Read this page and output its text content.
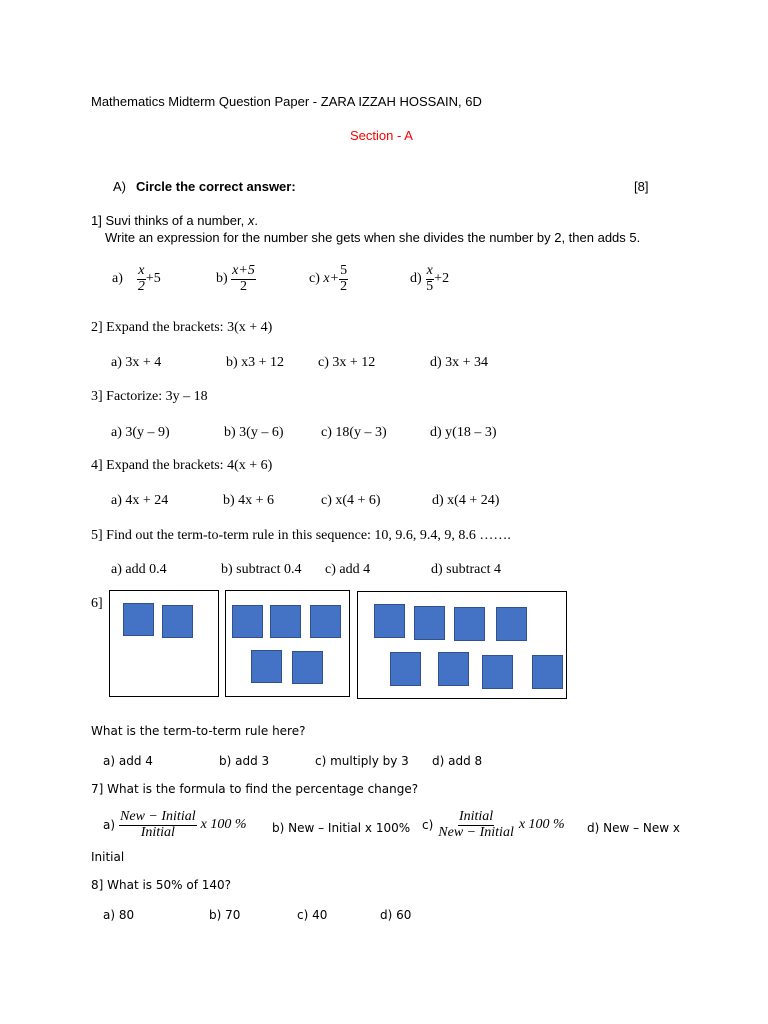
Mathematics Midterm Question Paper - ZARA IZZAH HOSSAIN, 6D
Section - A
A) Circle the correct answer:	[8]
1] Suvi thinks of a number, x.
Write an expression for the number she gets when she divides the number by 2, then adds 5.
a)
$\frac{x}{2} +5$	b)
$\frac{x+5}{2}$	c)
$x+ \frac{5}{2}$	d)
$\frac{x}{5} +2$
2] Expand the brackets: 3(x + 4)
a) 3x + 4	b) x3 + 12 c) 3x + 12	d) 3x + 34
3] Factorize: 3y – 18
a) 3(y – 9)	b) 3(y – 6)	c) 18(y – 3)	d) y(18 – 3)
4] Expand the brackets: 4(x + 6)
a) 4x + 24	b) 4x + 6	c) x(4 + 6)	d) x(4 + 24)
5] Find out the term-to-term rule in this sequence: 10, 9.6, 9.4, 9, 8.6 …….
a) add 0.4	b) subtract 0.4 c) add 4	d) subtract 4
6]
What is the term-to-term rule here?
a) add 4	b) add 3	c) multiply by 3 d) add 8
7] What is the formula to find the percentage change?
a)
$\frac{\text{New − Initial}}{\text{Initial}}$
x 100 % b) New – Initial x 100% c)
$\frac{\text{Initial}}{\text{New − Initial}}$
x 100 % d) New – New x
Initial
8] What is 50% of 140?
a) 80	b) 70	c) 40	d) 60
